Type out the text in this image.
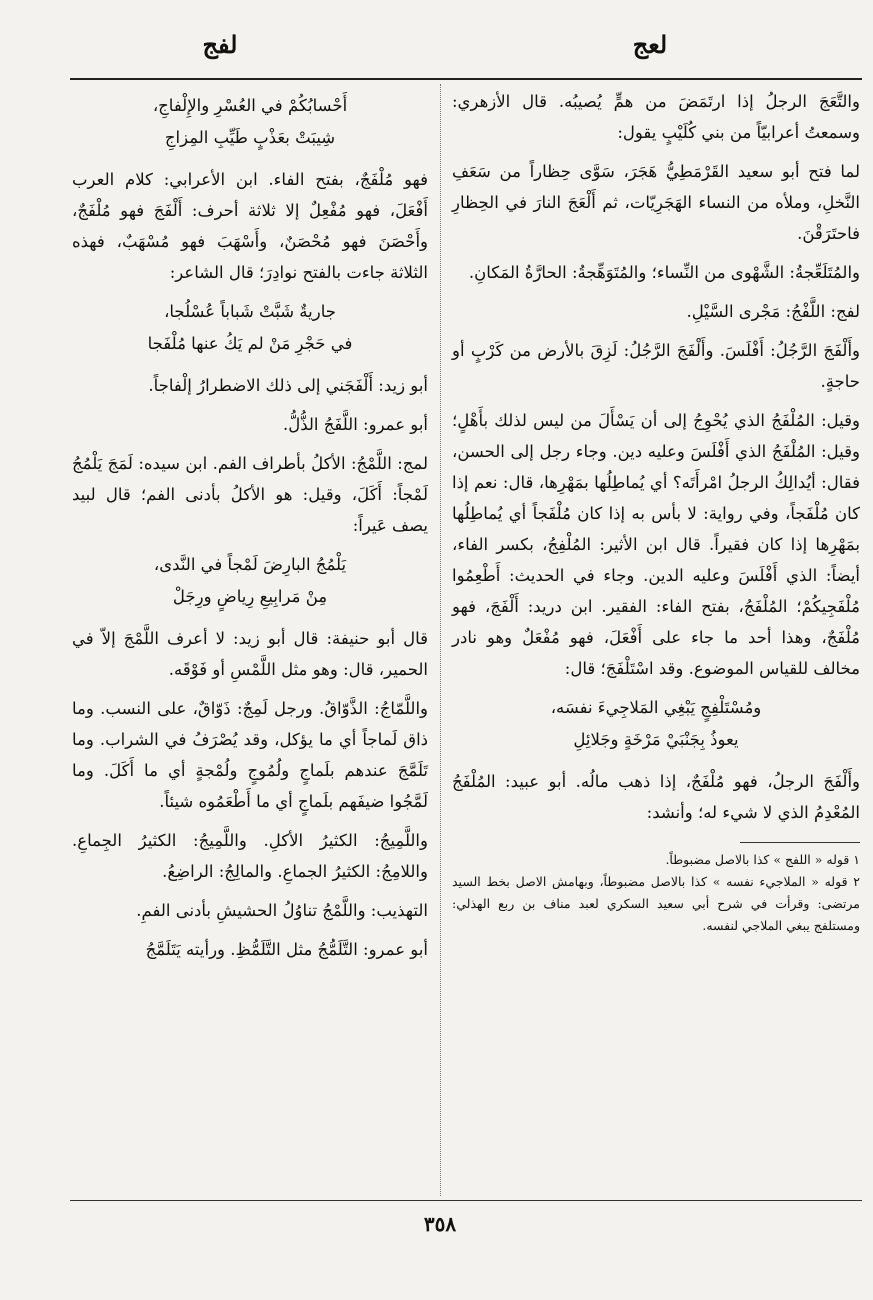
لعج
لفج

والتَّعَجَ الرجلُ إذا ارتَمَضَ من همٍّ يُصيبُه. قال الأزهري: وسمعتُ أعرابيّاً من بني كُلَيْبٍ يقول:

لما فتح أبو سعيد القَرْمَطِيُّ هَجَرَ، سَوَّى حِظاراً من سَعَفِ النَّخلِ، وملأه من النساء الهَجَرِيّات، ثم أَلْعَجَ النارَ في الحِظارِ فاحتَرَقْنَ.

والمُتَلَعِّجةُ: الشَّهْوى من النِّساء؛ والمُتَوَهِّجةُ: الحارَّةُ المَكانِ.

لفج: اللَّفْجُ: مَجْرى السَّيْلِ.

وأَلْفَجَ الرَّجُلُ: أَفْلَسَ. وأَلْفَجَ الرَّجُلُ: لَزِقَ بالأرض من كَرْبٍ أو حاجةٍ.

وقيل: المُلْفَجُ الذي يُحْوِجُ إلى أن يَسْأَلَ من ليس لذلك بأَهْلٍ؛ وقيل: المُلْفَجُ الذي أَفْلَسَ وعليه دين. وجاء رجل إلى الحسن، فقال: أيُدالِكُ الرجلُ امْرأَتَه؟ أي يُماطِلُها بمَهْرِها، قال: نعم إذا كان مُلْفَجاً، وفي رواية: لا بأس به إذا كان مُلْفَجاً أي يُماطِلُها بمَهْرِها إذا كان فقيراً. قال ابن الأثير: المُلْفِجُ، بكسر الفاء، أيضاً: الذي أَفْلَسَ وعليه الدين. وجاء في الحديث: أَطْعِمُوا مُلْفَجِيكُمْ؛ المُلْفَجُ، بفتح الفاء: الفقير. ابن دريد: أَلْفَجَ، فهو مُلْفَجٌ، وهذا أحد ما جاء على أَفْعَلَ، فهو مُفْعَلٌ وهو نادر مخالف للقياس الموضوع. وقد اسْتَلْفَجَ؛ قال:

ومُسْتَلْفِجٍ يَبْغِي المَلاجِيءَ نفسَه،
يعوذُ بِجَنْبَيْ مَرْخَةٍ وجَلائِلِ

وأَلْفَجَ الرجلُ، فهو مُلْفَجٌ، إذا ذهب مالُه. أبو عبيد: المُلْفَجُ المُعْدِمُ الذي لا شيء له؛ وأنشد:

١ قوله « اللفج » كذا بالاصل مضبوطاً.

٢ قوله « الملاجيء نفسه » كذا بالاصل مضبوطاً، وبهامش الاصل بخط السيد مرتضى: وقرأت في شرح أبي سعيد السكري لعبد مناف بن ربع الهذلي: ومستلفج يبغي الملاجي لنفسه.

أَحْسابُكُمْ في العُسْرِ والإِلْفاجِ،
شِيبَتْ بعَذْبٍ طَيِّبِ المِزاجِ

فهو مُلْفَجٌ، بفتح الفاء. ابن الأعرابي: كلام العرب أَفْعَلَ، فهو مُفْعِلٌ إلا ثلاثة أحرف: أَلْفَجَ فهو مُلْفَجٌ، وأَحْصَنَ فهو مُحْصَنٌ، وأَسْهَبَ فهو مُسْهَبٌ، فهذه الثلاثة جاءت بالفتح نوادِرَ؛ قال الشاعر:

جاريةٌ شَبَّتْ شَباباً عُسْلُجا،
في حَجْرِ مَنْ لم يَكُ عنها مُلْفَجا

أبو زيد: أَلْفَجَني إلى ذلك الاضطرارُ إلْفاجاً.

أبو عمرو: اللَّفَجُ الذُّلُّ.

لمج: اللَّمْجُ: الأكلُ بأطراف الفم. ابن سيده: لَمَجَ يَلْمُجُ لَمْجاً: أَكَلَ، وقيل: هو الأكلُ بأدنى الفم؛ قال لبيد يصف عَيراً:

يَلْمُجُ البارِضَ لَمْجاً في النَّدى،
مِنْ مَرابِيعِ رِياضٍ ورِجَلْ

قال أبو حنيفة: قال أبو زيد: لا أعرف اللَّمْجَ إلاّ في الحمير، قال: وهو مثل اللَّمْسِ أو فَوْقَه.

واللَّمّاجُ: الذَّوّاقُ. ورجل لَمِجٌ: ذَوّاقٌ، على النسب. وما ذاق لَماجاً أي ما يؤكل، وقد يُصْرَفُ في الشراب. وما تَلَمَّجَ عندهم بلَماجٍ ولُمُوجٍ ولُمْجةٍ أي ما أَكَلَ. وما لَمَّجُوا ضيفَهم بلَماجٍ أي ما أَطْعَمُوه شيئاً.

واللَّمِيجُ: الكثيرُ الأكلِ. واللَّمِيجُ: الكثيرُ الجِماعِ. واللامِجُ: الكثيرُ الجماعِ. والمالِجُ: الراضِعُ.

التهذيب: واللَّمْجُ تناوُلُ الحشيشِ بأدنى الفمِ.

أبو عمرو: التَّلَمُّجُ مثل التَّلَمُّظِ. ورأيته يَتَلَمَّجُ

٣٥٨
